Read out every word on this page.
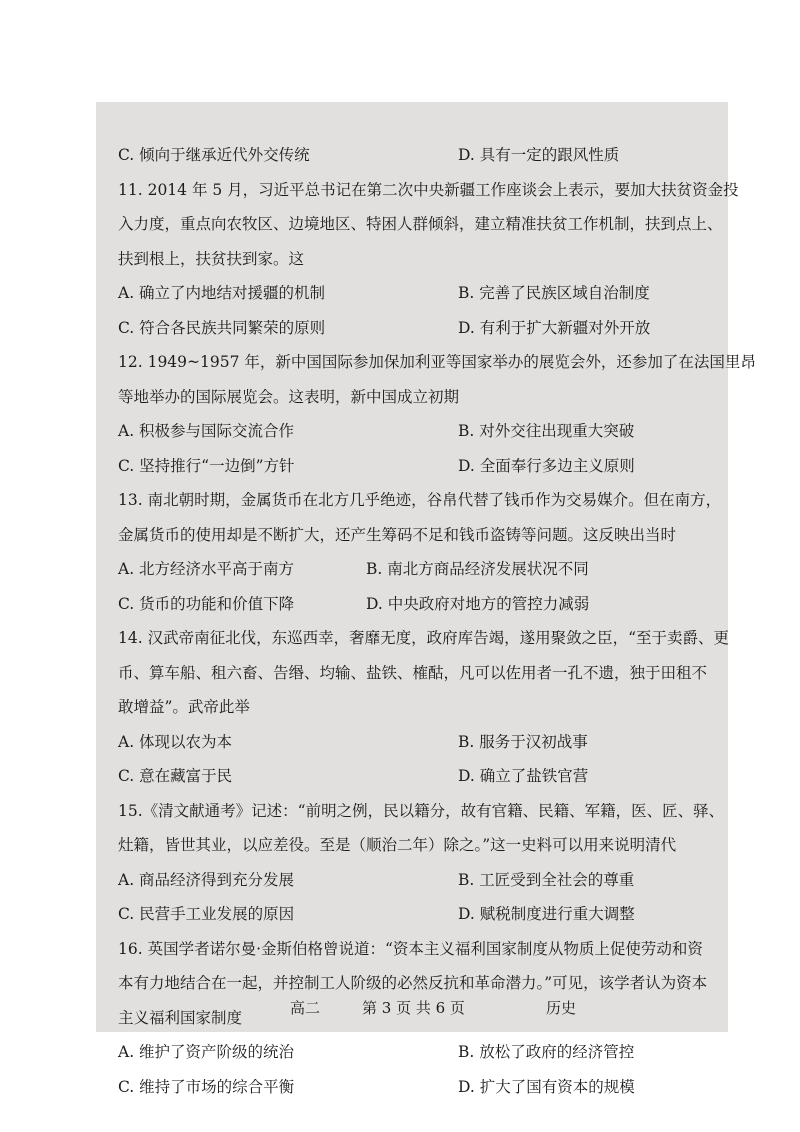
C. 倾向于继承近代外交传统	D. 具有一定的跟风性质
11. 2014 年 5 月，习近平总书记在第二次中央新疆工作座谈会上表示，要加大扶贫资金投
入力度，重点向农牧区、边境地区、特困人群倾斜，建立精准扶贫工作机制，扶到点上、
扶到根上，扶贫扶到家。这
A. 确立了内地结对援疆的机制	B. 完善了民族区域自治制度
C. 符合各民族共同繁荣的原则	D. 有利于扩大新疆对外开放
12. 1949~1957 年，新中国国际参加保加利亚等国家举办的展览会外，还参加了在法国里昂
等地举办的国际展览会。这表明，新中国成立初期
A. 积极参与国际交流合作	B. 对外交往出现重大突破
C. 坚持推行“一边倒”方针	D. 全面奉行多边主义原则
13. 南北朝时期，金属货币在北方几乎绝迹，谷帛代替了钱币作为交易媒介。但在南方，
金属货币的使用却是不断扩大，还产生筹码不足和钱币盗铸等问题。这反映出当时
A. 北方经济水平高于南方	B. 南北方商品经济发展状况不同
C. 货币的功能和价值下降	D. 中央政府对地方的管控力减弱
14. 汉武帝南征北伐，东巡西幸，奢靡无度，政府库告竭，遂用聚敛之臣，“至于卖爵、更
币、算车船、租六畜、告缗、均输、盐铁、榷酤，凡可以佐用者一孔不遗，独于田租不
敢增益”。武帝此举
A. 体现以农为本	B. 服务于汉初战事
C. 意在藏富于民	D. 确立了盐铁官营
15.《清文献通考》记述：“前明之例，民以籍分，故有官籍、民籍、军籍，医、匠、驿、
灶籍，皆世其业，以应差役。至是（顺治二年）除之。”这一史料可以用来说明清代
A. 商品经济得到充分发展	B. 工匠受到全社会的尊重
C. 民营手工业发展的原因	D. 赋税制度进行重大调整
16. 英国学者诺尔曼·金斯伯格曾说道：“资本主义福利国家制度从物质上促使劳动和资
本有力地结合在一起，并控制工人阶级的必然反抗和革命潜力。”可见，该学者认为资本
主义福利国家制度
A. 维护了资产阶级的统治	B. 放松了政府的经济管控
C. 维持了市场的综合平衡	D. 扩大了国有资本的规模
高二	第 3 页 共 6 页	历史
